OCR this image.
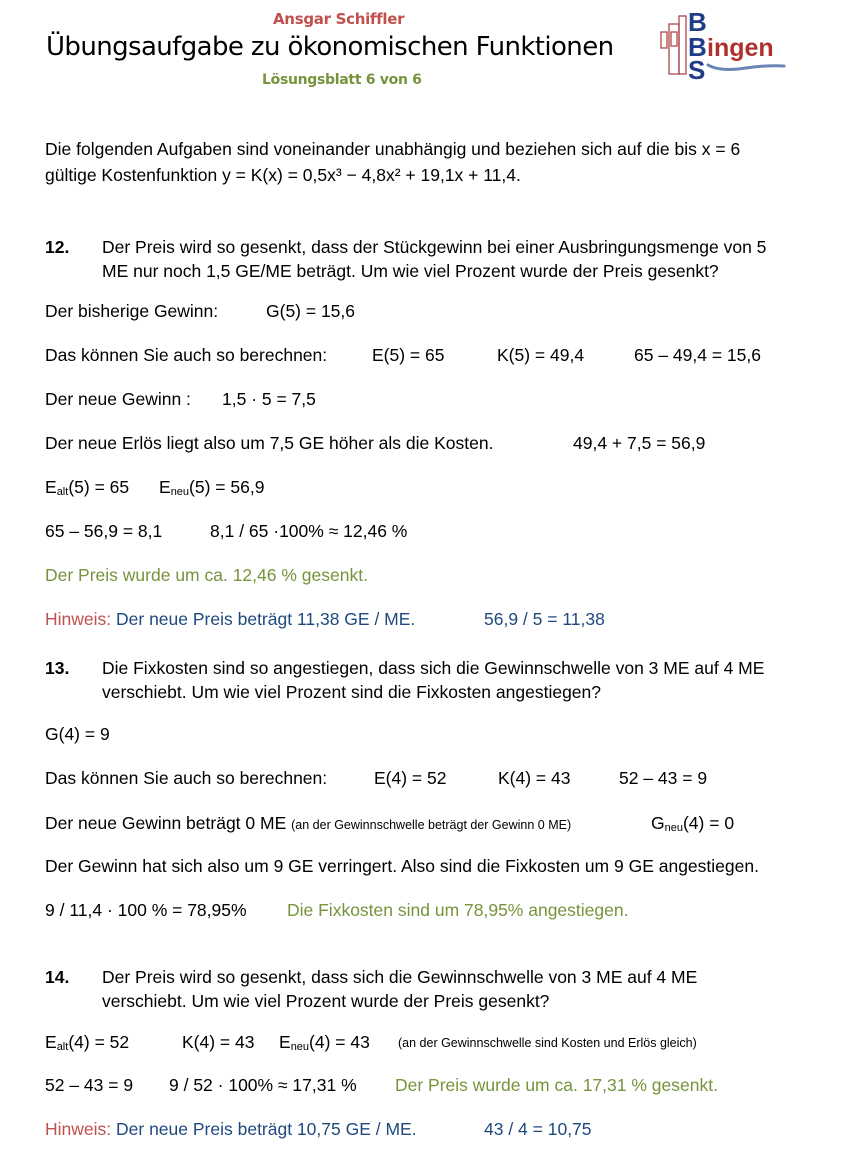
Ansgar Schiffler
Übungsaufgabe zu ökonomischen Funktionen
Lösungsblatt 6 von 6
B
B
S
ingen
Die folgenden Aufgaben sind voneinander unabhängig und beziehen sich auf die bis x = 6
gültige Kostenfunktion y = K(x) = 0,5x³ − 4,8x² + 19,1x + 11,4.
12. Der Preis wird so gesenkt, dass der Stückgewinn bei einer Ausbringungsmenge von 5
ME nur noch 1,5 GE/ME beträgt. Um wie viel Prozent wurde der Preis gesenkt?
Der bisherige Gewinn:	G(5) = 15,6
Das können Sie auch so berechnen:	E(5) = 65	K(5) = 49,4	65 – 49,4 = 15,6
Der neue Gewinn : 1,5 · 5 = 7,5
Der neue Erlös liegt also um 7,5 GE höher als die Kosten.	49,4 + 7,5 = 56,9
$E_{alt}(5) = 65$ $E_{neu}(5) = 56,9$
65 – 56,9 = 8,1	8,1 / 65 ·100% ≈ 12,46 %
Der Preis wurde um ca. 12,46 % gesenkt.
Hinweis: Der neue Preis beträgt 11,38 GE / ME.	56,9 / 5 = 11,38
13. Die Fixkosten sind so angestiegen, dass sich die Gewinnschwelle von 3 ME auf 4 ME
verschiebt. Um wie viel Prozent sind die Fixkosten angestiegen?
G(4) = 9
Das können Sie auch so berechnen:	E(4) = 52	K(4) = 43	52 – 43 = 9
Der neue Gewinn beträgt 0 ME (an der Gewinnschwelle beträgt der Gewinn 0 ME)	$G_{neu}(4) = 0$
Der Gewinn hat sich also um 9 GE verringert. Also sind die Fixkosten um 9 GE angestiegen.
9 / 11,4 · 100 % = 78,95% Die Fixkosten sind um 78,95% angestiegen.
14. Der Preis wird so gesenkt, dass sich die Gewinnschwelle von 3 ME auf 4 ME
verschiebt. Um wie viel Prozent wurde der Preis gesenkt?
$E_{alt}(4) = 52$	K(4) = 43 $E_{neu}(4) = 43$ (an der Gewinnschwelle sind Kosten und Erlös gleich)
52 – 43 = 9 9 / 52 · 100% ≈ 17,31 % Der Preis wurde um ca. 17,31 % gesenkt.
Hinweis: Der neue Preis beträgt 10,75 GE / ME.	43 / 4 = 10,75
